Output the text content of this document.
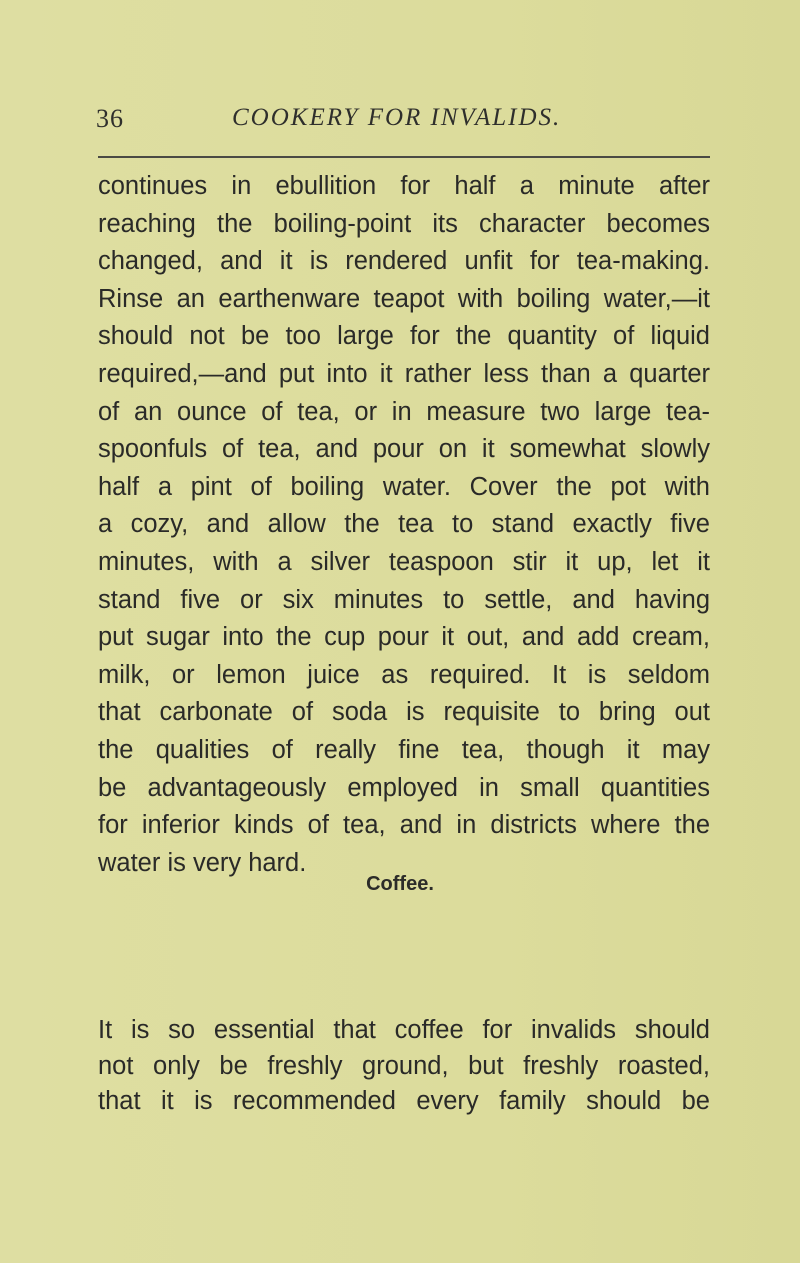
36	COOKERY FOR INVALIDS.
continues in ebullition for half a minute after
reaching the boiling-point its character becomes
changed, and it is rendered unfit for tea-making.
Rinse an earthenware teapot with boiling water,—it
should not be too large for the quantity of liquid
required,—and put into it rather less than a quarter
of an ounce of tea, or in measure two large tea-
spoonfuls of tea, and pour on it somewhat slowly
half a pint of boiling water. Cover the pot with
a cozy, and allow the tea to stand exactly five
minutes, with a silver teaspoon stir it up, let it
stand five or six minutes to settle, and having
put sugar into the cup pour it out, and add cream,
milk, or lemon juice as required. It is seldom
that carbonate of soda is requisite to bring out
the qualities of really fine tea, though it may
be advantageously employed in small quantities
for inferior kinds of tea, and in districts where the
water is very hard.
Coffee.
It is so essential that coffee for invalids should
not only be freshly ground, but freshly roasted,
that it is recommended every family should be
